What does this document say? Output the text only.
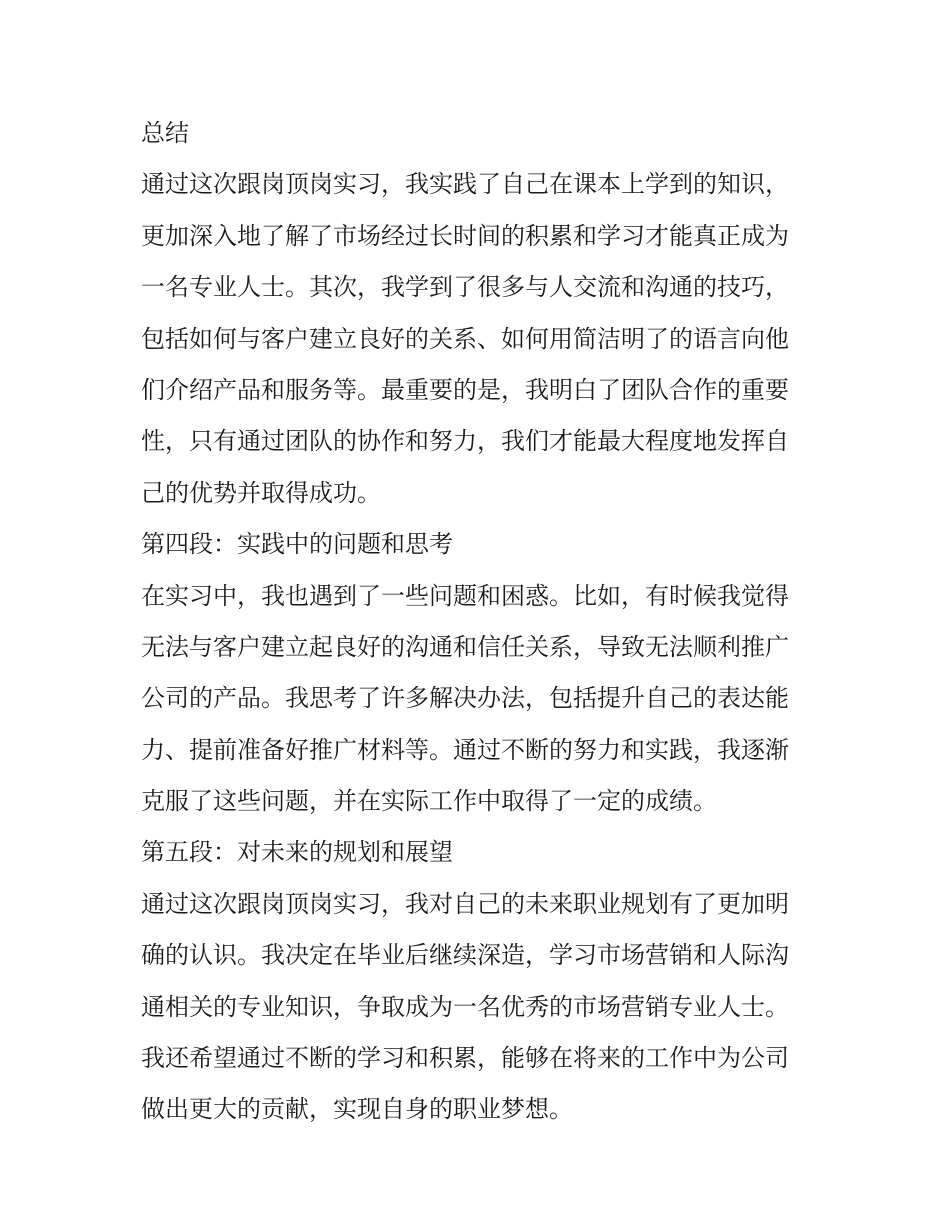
总结
通过这次跟岗顶岗实习，我实践了自己在课本上学到的知识，
更加深入地了解了市场经过长时间的积累和学习才能真正成为
一名专业人士。其次，我学到了很多与人交流和沟通的技巧，
包括如何与客户建立良好的关系、如何用简洁明了的语言向他
们介绍产品和服务等。最重要的是，我明白了团队合作的重要
性，只有通过团队的协作和努力，我们才能最大程度地发挥自
己的优势并取得成功。
第四段：实践中的问题和思考
在实习中，我也遇到了一些问题和困惑。比如，有时候我觉得
无法与客户建立起良好的沟通和信任关系，导致无法顺利推广
公司的产品。我思考了许多解决办法，包括提升自己的表达能
力、提前准备好推广材料等。通过不断的努力和实践，我逐渐
克服了这些问题，并在实际工作中取得了一定的成绩。
第五段：对未来的规划和展望
通过这次跟岗顶岗实习，我对自己的未来职业规划有了更加明
确的认识。我决定在毕业后继续深造，学习市场营销和人际沟
通相关的专业知识，争取成为一名优秀的市场营销专业人士。
我还希望通过不断的学习和积累，能够在将来的工作中为公司
做出更大的贡献，实现自身的职业梦想。
